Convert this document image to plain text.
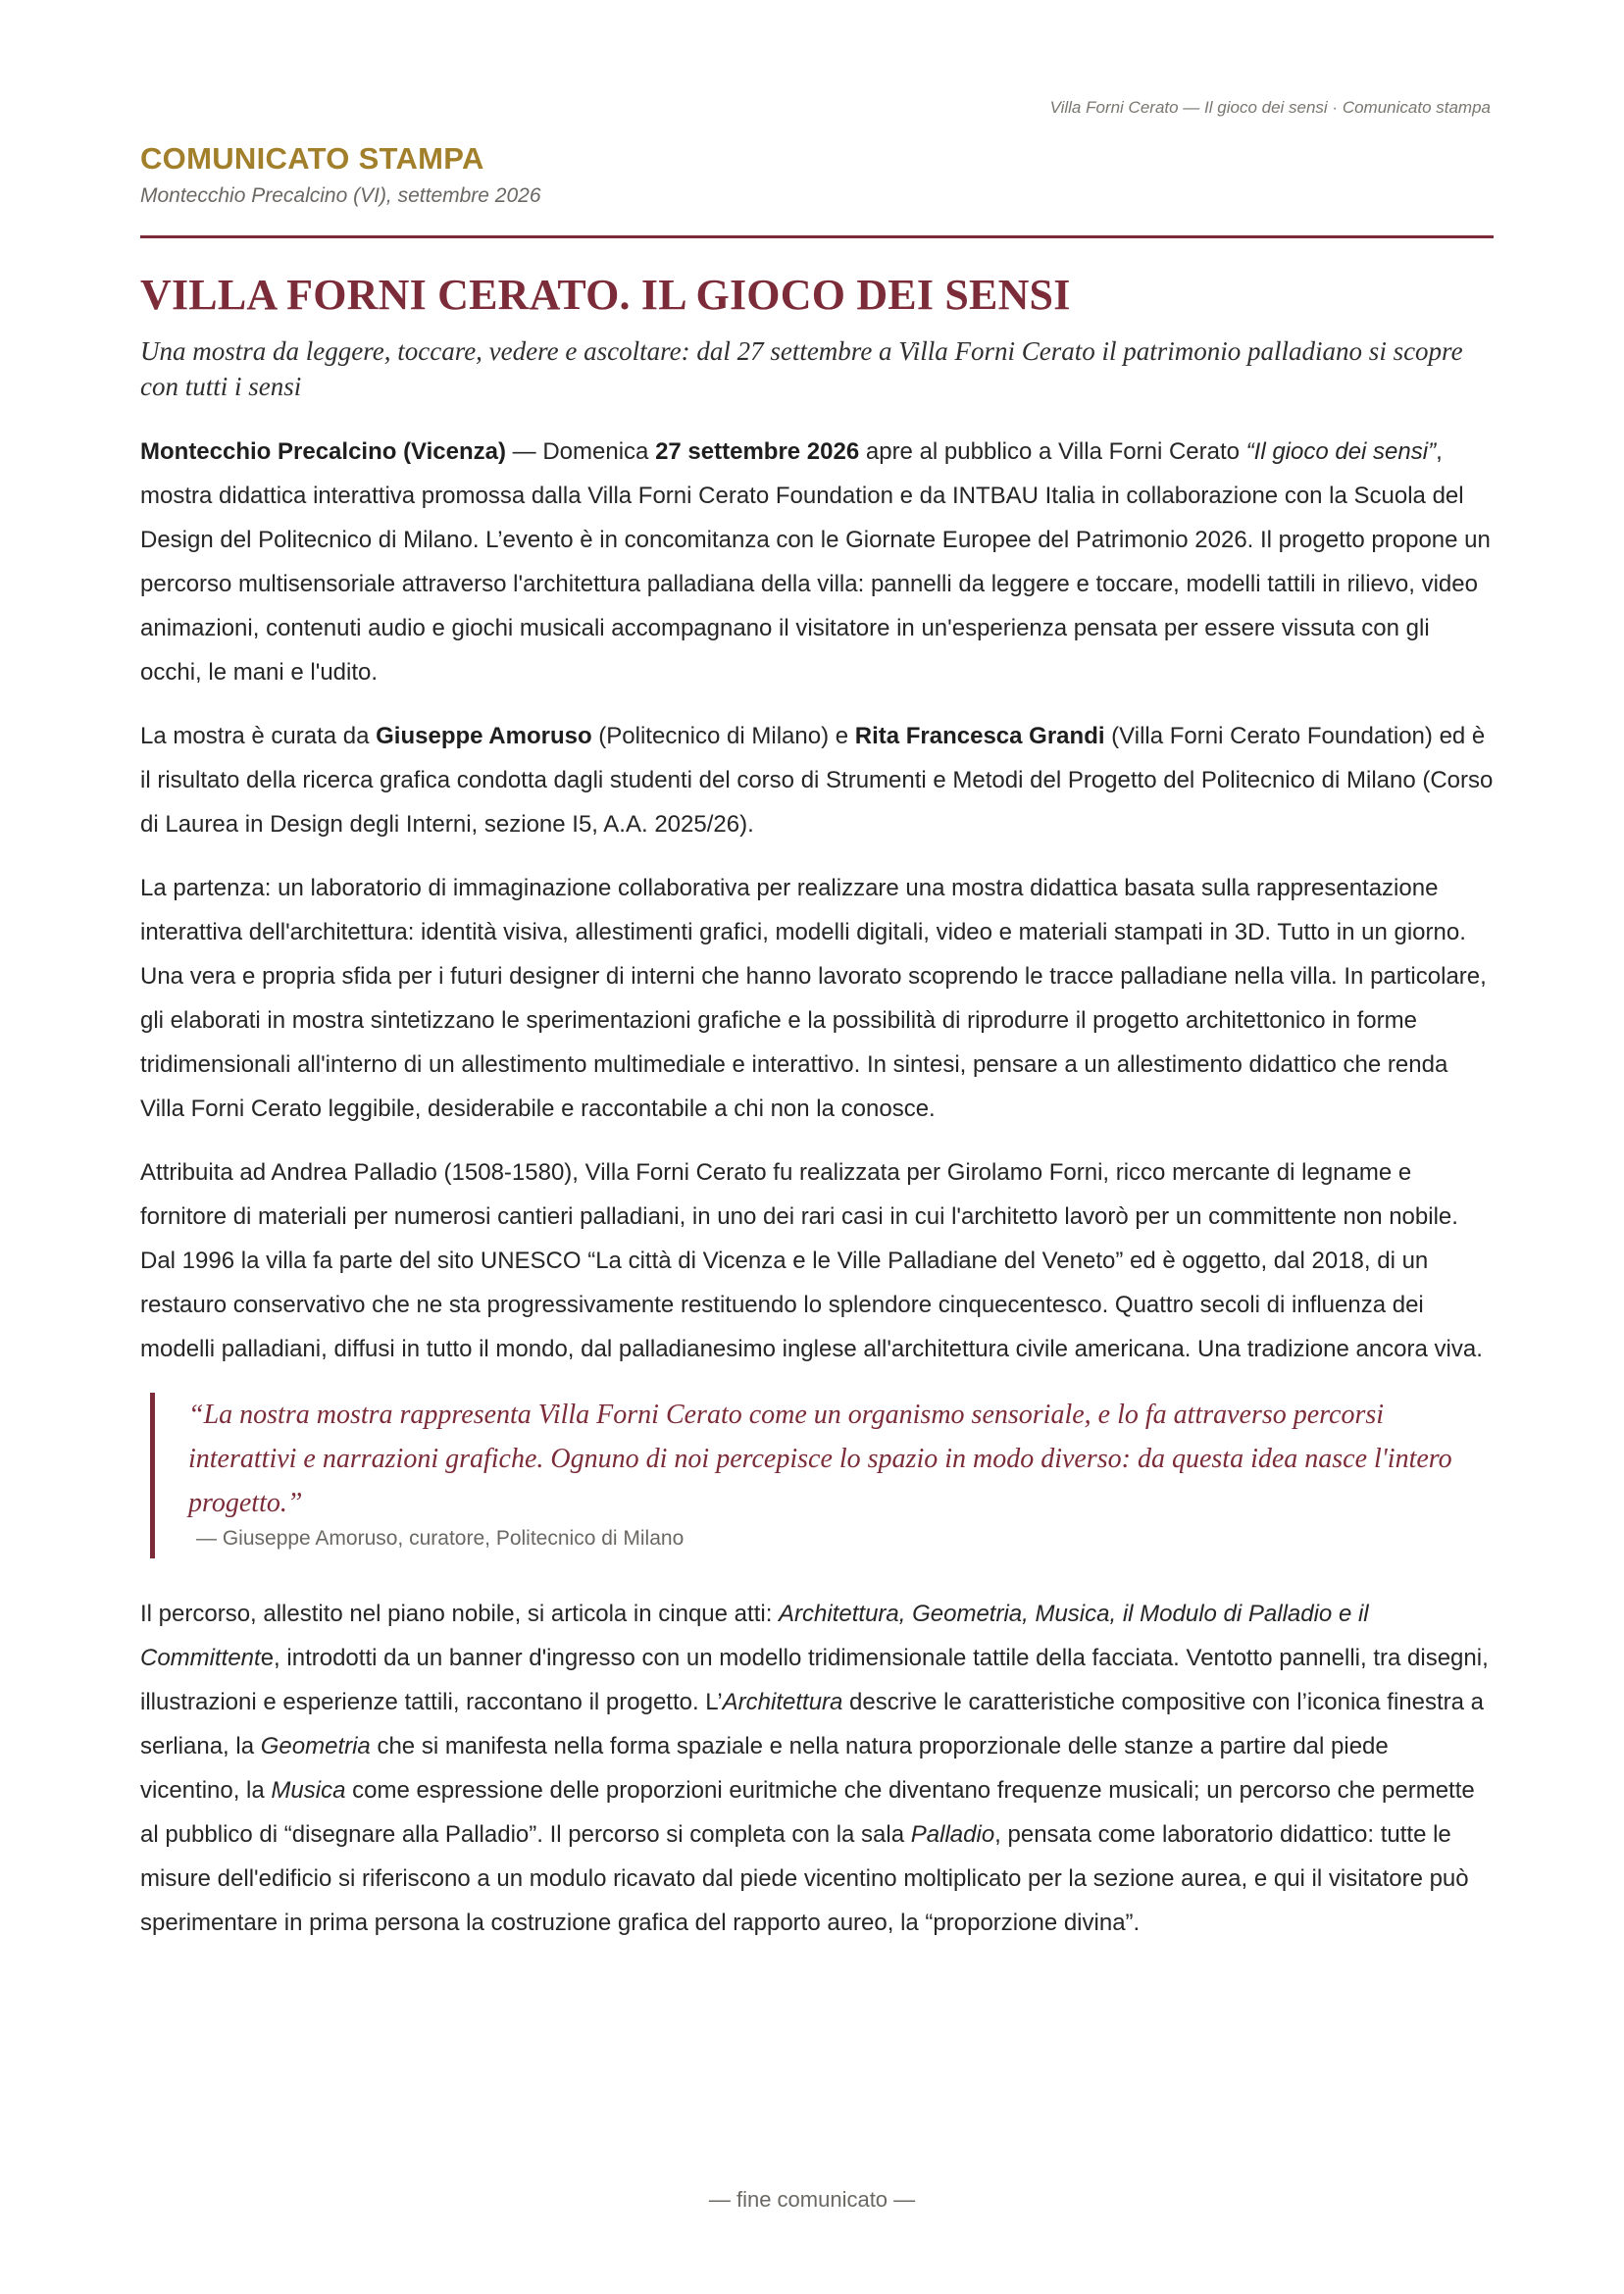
Villa Forni Cerato — Il gioco dei sensi · Comunicato stampa
COMUNICATO STAMPA
Montecchio Precalcino (VI), settembre 2026
VILLA FORNI CERATO. IL GIOCO DEI SENSI

Una mostra da leggere, toccare, vedere e ascoltare: dal 27 settembre a Villa Forni Cerato il patrimonio palladiano si scopre con tutti i sensi

Montecchio Precalcino (Vicenza) — Domenica 27 settembre 2026 apre al pubblico a Villa Forni Cerato “Il gioco dei sensi”, mostra didattica interattiva promossa dalla Villa Forni Cerato Foundation e da INTBAU Italia in collaborazione con la Scuola del Design del Politecnico di Milano. L’evento è in concomitanza con le Giornate Europee del Patrimonio 2026. Il progetto propone un percorso multisensoriale attraverso l'architettura palladiana della villa: pannelli da leggere e toccare, modelli tattili in rilievo, video animazioni, contenuti audio e giochi musicali accompagnano il visitatore in un'esperienza pensata per essere vissuta con gli occhi, le mani e l'udito.

La mostra è curata da Giuseppe Amoruso (Politecnico di Milano) e Rita Francesca Grandi (Villa Forni Cerato Foundation) ed è il risultato della ricerca grafica condotta dagli studenti del corso di Strumenti e Metodi del Progetto del Politecnico di Milano (Corso di Laurea in Design degli Interni, sezione I5, A.A. 2025/26).

La partenza: un laboratorio di immaginazione collaborativa per realizzare una mostra didattica basata sulla rappresentazione interattiva dell'architettura: identità visiva, allestimenti grafici, modelli digitali, video e materiali stampati in 3D. Tutto in un giorno. Una vera e propria sfida per i futuri designer di interni che hanno lavorato scoprendo le tracce palladiane nella villa. In particolare, gli elaborati in mostra sintetizzano le sperimentazioni grafiche e la possibilità di riprodurre il progetto architettonico in forme tridimensionali all'interno di un allestimento multimediale e interattivo. In sintesi, pensare a un allestimento didattico che renda Villa Forni Cerato leggibile, desiderabile e raccontabile a chi non la conosce.

Attribuita ad Andrea Palladio (1508-1580), Villa Forni Cerato fu realizzata per Girolamo Forni, ricco mercante di legname e fornitore di materiali per numerosi cantieri palladiani, in uno dei rari casi in cui l'architetto lavorò per un committente non nobile. Dal 1996 la villa fa parte del sito UNESCO “La città di Vicenza e le Ville Palladiane del Veneto” ed è oggetto, dal 2018, di un restauro conservativo che ne sta progressivamente restituendo lo splendore cinquecentesco. Quattro secoli di influenza dei modelli palladiani, diffusi in tutto il mondo, dal palladianesimo inglese all'architettura civile americana. Una tradizione ancora viva.

“La nostra mostra rappresenta Villa Forni Cerato come un organismo sensoriale, e lo fa attraverso percorsi interattivi e narrazioni grafiche. Ognuno di noi percepisce lo spazio in modo diverso: da questa idea nasce l'intero progetto.”

— Giuseppe Amoruso, curatore, Politecnico di Milano

Il percorso, allestito nel piano nobile, si articola in cinque atti: Architettura, Geometria, Musica, il Modulo di Palladio e il Committente, introdotti da un banner d'ingresso con un modello tridimensionale tattile della facciata. Ventotto pannelli, tra disegni, illustrazioni e esperienze tattili, raccontano il progetto. L’Architettura descrive le caratteristiche compositive con l’iconica finestra a serliana, la Geometria che si manifesta nella forma spaziale e nella natura proporzionale delle stanze a partire dal piede vicentino, la Musica come espressione delle proporzioni euritmiche che diventano frequenze musicali; un percorso che permette al pubblico di “disegnare alla Palladio”. Il percorso si completa con la sala Palladio, pensata come laboratorio didattico: tutte le misure dell'edificio si riferiscono a un modulo ricavato dal piede vicentino moltiplicato per la sezione aurea, e qui il visitatore può sperimentare in prima persona la costruzione grafica del rapporto aureo, la “proporzione divina”.

— fine comunicato —
